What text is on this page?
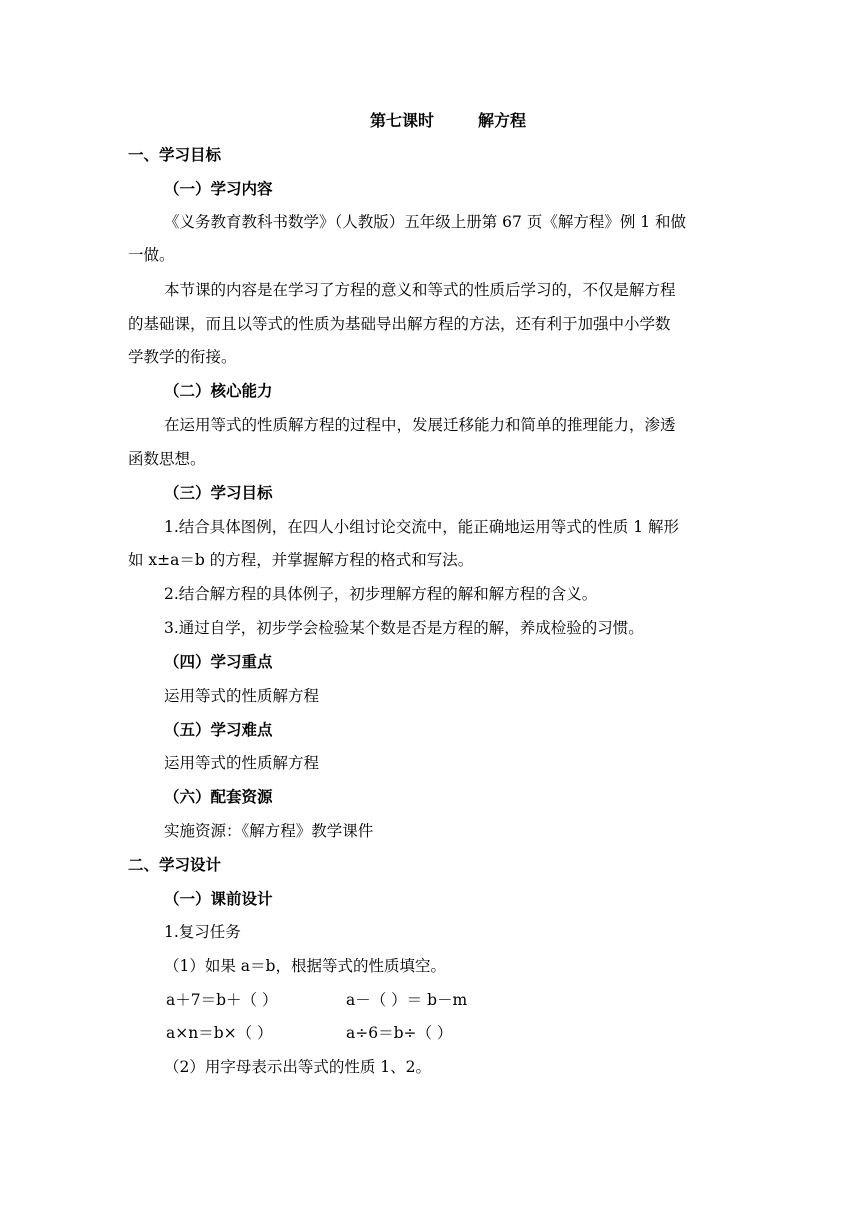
第七课时	解方程
一、学习目标
（一）学习内容
《义务教育教科书数学》（人教版）五年级上册第 67 页《解方程》例 1 和做
一做。
本节课的内容是在学习了方程的意义和等式的性质后学习的，不仅是解方程
的基础课，而且以等式的性质为基础导出解方程的方法，还有利于加强中小学数
学教学的衔接。
（二）核心能力
在运用等式的性质解方程的过程中，发展迁移能力和简单的推理能力，渗透
函数思想。
（三）学习目标
1.结合具体图例，在四人小组讨论交流中，能正确地运用等式的性质 1 解形
如 x±a＝b 的方程，并掌握解方程的格式和写法。
2.结合解方程的具体例子，初步理解方程的解和解方程的含义。
3.通过自学，初步学会检验某个数是否是方程的解，养成检验的习惯。
（四）学习重点
运用等式的性质解方程
（五）学习难点
运用等式的性质解方程
（六）配套资源
实施资源：《解方程》教学课件
二、学习设计
（一）课前设计
1.复习任务
（1）如果 a＝b，根据等式的性质填空。
a＋7＝b＋（ ）	a－（ ）＝ b－m
a×n＝b×（ ）	a÷6＝b÷（ ）
（2）用字母表示出等式的性质 1、2。
